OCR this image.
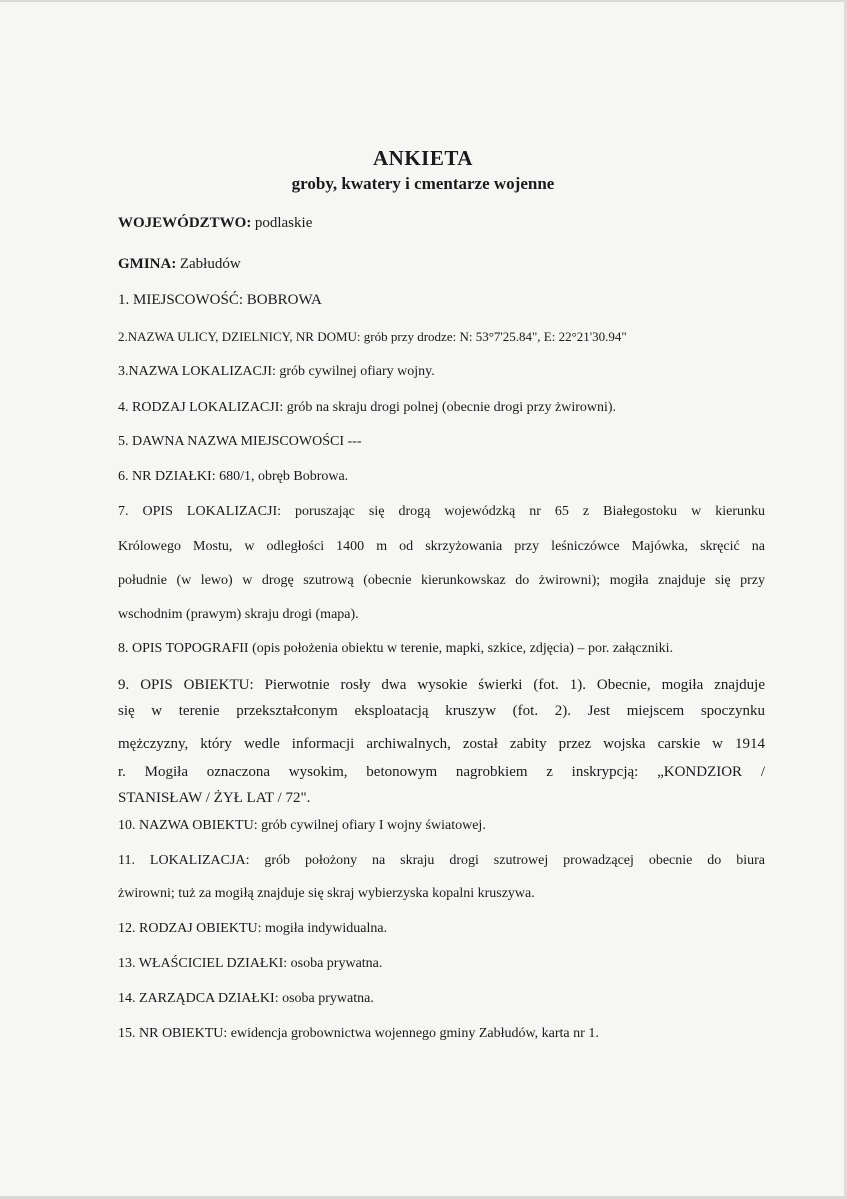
ANKIETA
groby, kwatery i cmentarze wojenne
WOJEWÓDZTWO: podlaskie
GMINA: Zabłudów
1. MIEJSCOWOŚĆ: BOBROWA
2.NAZWA ULICY, DZIELNICY, NR DOMU: grób przy drodze: N: 53°7'25.84", E: 22°21'30.94"
3.NAZWA LOKALIZACJI: grób cywilnej ofiary wojny.
4. RODZAJ LOKALIZACJI: grób na skraju drogi polnej (obecnie drogi przy żwirowni).
5. DAWNA NAZWA MIEJSCOWOŚCI ---
6. NR DZIAŁKI: 680/1, obręb Bobrowa.
7. OPIS LOKALIZACJI: poruszając się drogą wojewódzką nr 65 z Białegostoku w kierunku
Królowego Mostu, w odległości 1400 m od skrzyżowania przy leśniczówce Majówka, skręcić na
południe (w lewo) w drogę szutrową (obecnie kierunkowskaz do żwirowni); mogiła znajduje się przy
wschodnim (prawym) skraju drogi (mapa).
8. OPIS TOPOGRAFII (opis położenia obiektu w terenie, mapki, szkice, zdjęcia) – por. załączniki.
9. OPIS OBIEKTU: Pierwotnie rosły dwa wysokie świerki (fot. 1). Obecnie, mogiła znajduje
się w terenie przekształconym eksploatacją kruszyw (fot. 2). Jest miejscem spoczynku
mężczyzny, który wedle informacji archiwalnych, został zabity przez wojska carskie w 1914
r. Mogiła oznaczona wysokim, betonowym nagrobkiem z inskrypcją: „KONDZIOR /
STANISŁAW / ŻYŁ LAT / 72".
10. NAZWA OBIEKTU: grób cywilnej ofiary I wojny światowej.
11. LOKALIZACJA: grób położony na skraju drogi szutrowej prowadzącej obecnie do biura
żwirowni; tuż za mogiłą znajduje się skraj wybierzyska kopalni kruszywa.
12. RODZAJ OBIEKTU: mogiła indywidualna.
13. WŁAŚCICIEL DZIAŁKI: osoba prywatna.
14. ZARZĄDCA DZIAŁKI: osoba prywatna.
15. NR OBIEKTU: ewidencja grobownictwa wojennego gminy Zabłudów, karta nr 1.
